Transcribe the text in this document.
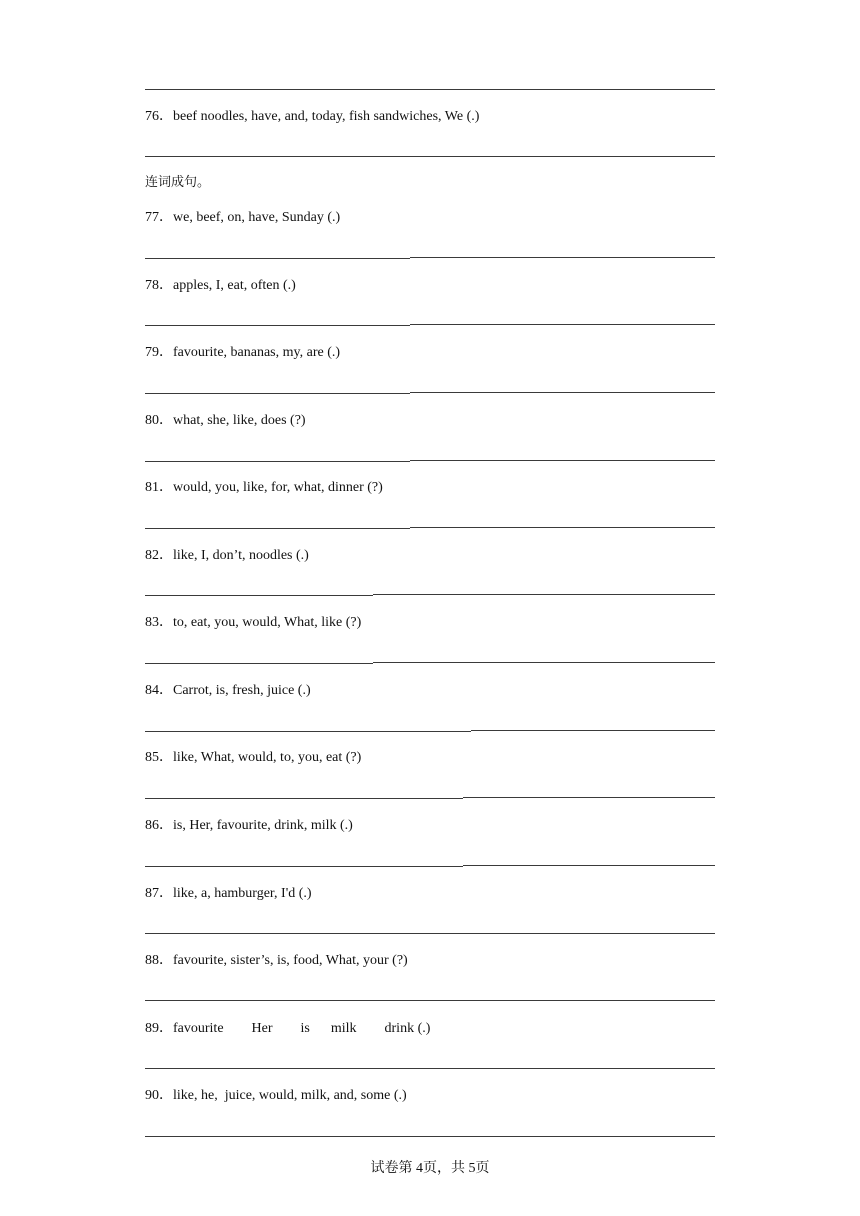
76．beef noodles, have, and, today, fish sandwiches, We (.)
连词成句。
77．we, beef, on, have, Sunday (.)
78．apples, I, eat, often (.)
79．favourite, bananas, my, are (.)
80．what, she, like, does (?)
81．would, you, like, for, what, dinner (?)
82．like, I, don’t, noodles (.)
83．to, eat, you, would, What, like (?)
84．Carrot, is, fresh, juice (.)
85．like, What, would, to, you, eat (?)
86．is, Her, favourite, drink, milk (.)
87．like, a, hamburger, I'd (.)
88．favourite, sister’s, is, food, What, your (?)
89．favourite        Her        is      milk        drink (.)
90．like, he,  juice, would, milk, and, some (.)
试卷第 4页，共 5页
